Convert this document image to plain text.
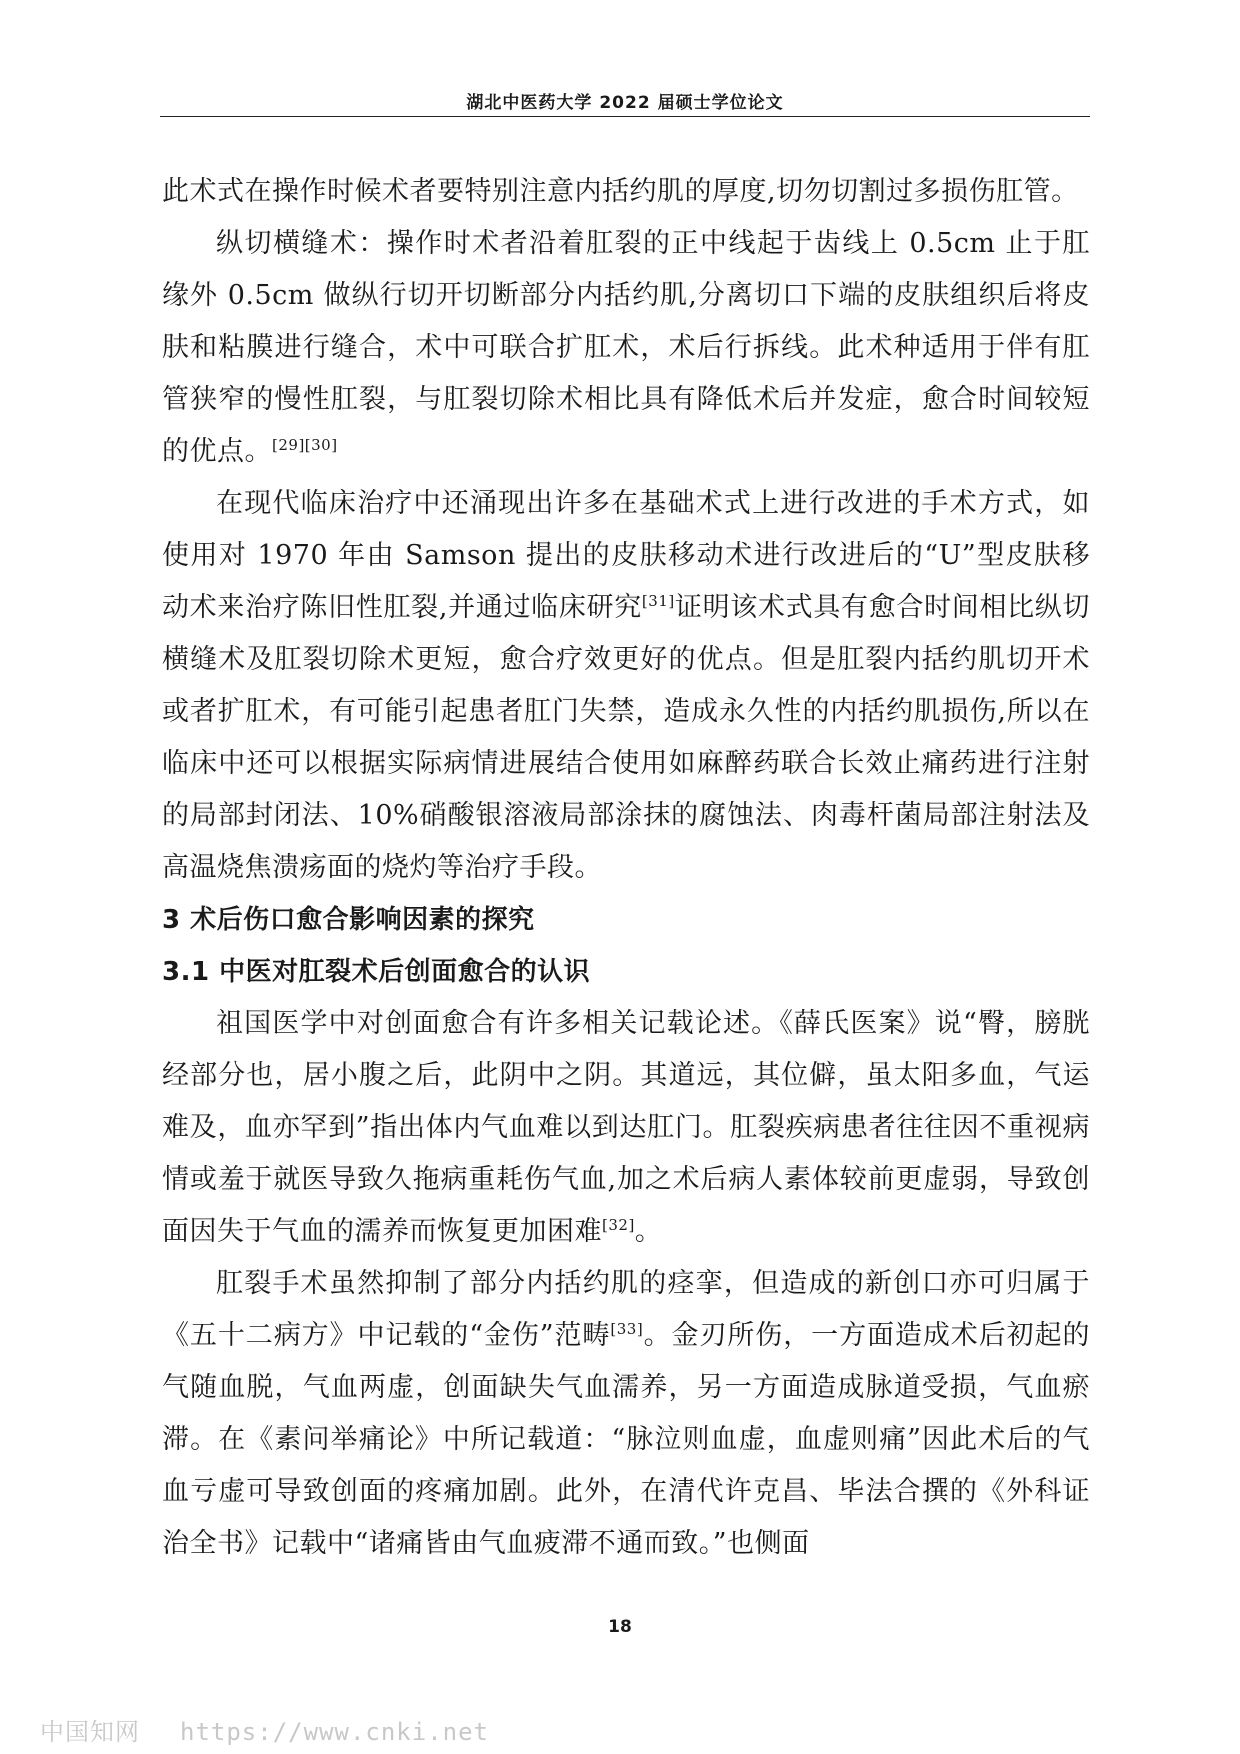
湖北中医药大学 2022 届硕士学位论文

此术式在操作时候术者要特别注意内括约肌的厚度,切勿切割过多损伤肛管。

纵切横缝术：操作时术者沿着肛裂的正中线起于齿线上 0.5cm 止于肛缘外 0.5cm 做纵行切开切断部分内括约肌,分离切口下端的皮肤组织后将皮肤和粘膜进行缝合，术中可联合扩肛术，术后行拆线。此术种适用于伴有肛管狭窄的慢性肛裂，与肛裂切除术相比具有降低术后并发症，愈合时间较短的优点。[29][30]

在现代临床治疗中还涌现出许多在基础术式上进行改进的手术方式，如使用对 1970 年由 Samson 提出的皮肤移动术进行改进后的“U”型皮肤移动术来治疗陈旧性肛裂,并通过临床研究[31]证明该术式具有愈合时间相比纵切横缝术及肛裂切除术更短，愈合疗效更好的优点。但是肛裂内括约肌切开术或者扩肛术，有可能引起患者肛门失禁，造成永久性的内括约肌损伤,所以在临床中还可以根据实际病情进展结合使用如麻醉药联合长效止痛药进行注射的局部封闭法、10%硝酸银溶液局部涂抹的腐蚀法、肉毒杆菌局部注射法及高温烧焦溃疡面的烧灼等治疗手段。

3 术后伤口愈合影响因素的探究

3.1 中医对肛裂术后创面愈合的认识

祖国医学中对创面愈合有许多相关记载论述。《薛氏医案》说“臀，膀胱经部分也，居小腹之后，此阴中之阴。其道远，其位僻，虽太阳多血，气运难及，血亦罕到”指出体内气血难以到达肛门。肛裂疾病患者往往因不重视病情或羞于就医导致久拖病重耗伤气血,加之术后病人素体较前更虚弱，导致创面因失于气血的濡养而恢复更加困难[32]。

肛裂手术虽然抑制了部分内括约肌的痉挛，但造成的新创口亦可归属于《五十二病方》中记载的“金伤”范畴[33]。金刃所伤，一方面造成术后初起的气随血脱，气血两虚，创面缺失气血濡养，另一方面造成脉道受损，气血瘀滞。在《素问举痛论》中所记载道：“脉泣则血虚，血虚则痛”因此术后的气血亏虚可导致创面的疼痛加剧。此外，在清代许克昌、毕法合撰的《外科证治全书》记载中“诸痛皆由气血疲滞不通而致。”也侧面

18
中国知网 https://www.cnki.net
